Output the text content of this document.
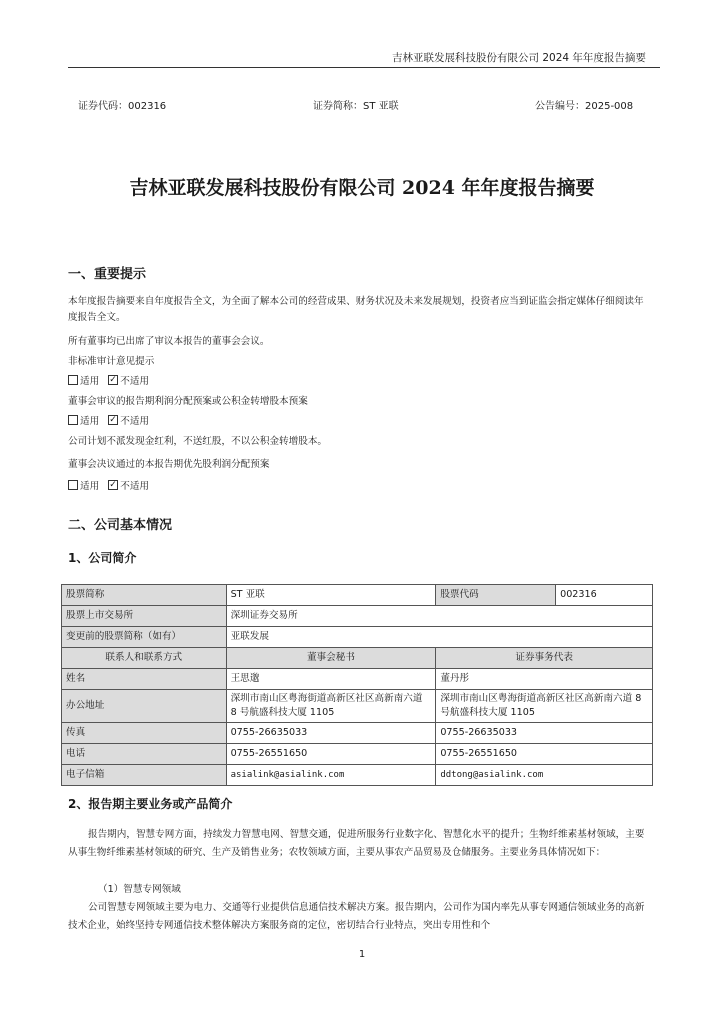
吉林亚联发展科技股份有限公司 2024 年年度报告摘要
证券代码：002316	证券简称：ST 亚联	公告编号：2025-008
吉林亚联发展科技股份有限公司 2024 年年度报告摘要
一、重要提示
本年度报告摘要来自年度报告全文，为全面了解本公司的经营成果、财务状况及未来发展规划，投资者应当到证监会指定媒体仔细阅读年度报告全文。
所有董事均已出席了审议本报告的董事会会议。
非标准审计意见提示
适用 ✓ 不适用
董事会审议的报告期利润分配预案或公积金转增股本预案
适用 ✓ 不适用
公司计划不派发现金红利，不送红股，不以公积金转增股本。
董事会决议通过的本报告期优先股利润分配预案
适用 ✓ 不适用
二、公司基本情况
1、公司简介
股票简称	ST 亚联	股票代码	002316
股票上市交易所	深圳证券交易所		
变更前的股票简称（如有）	亚联发展		
联系人和联系方式	董事会秘书	证券事务代表	
姓名	王思邈	董丹彤	
办公地址	深圳市南山区粤海街道高新区社区高新南六道 8 号航盛科技大厦 1105	深圳市南山区粤海街道高新区社区高新南六道 8 号航盛科技大厦 1105	
传真	0755-26635033	0755-26635033	
电话	0755-26551650	0755-26551650	
电子信箱	asialink@asialink.com	ddtong@asialink.com	
2、报告期主要业务或产品简介
报告期内，智慧专网方面，持续发力智慧电网、智慧交通，促进所服务行业数字化、智慧化水平的提升；生物纤维素基材领域，主要从事生物纤维素基材领域的研究、生产及销售业务；农牧领域方面，主要从事农产品贸易及仓储服务。主要业务具体情况如下：
（1）智慧专网领域
公司智慧专网领域主要为电力、交通等行业提供信息通信技术解决方案。报告期内，公司作为国内率先从事专网通信领域业务的高新技术企业，始终坚持专网通信技术整体解决方案服务商的定位，密切结合行业特点，突出专用性和个
1
